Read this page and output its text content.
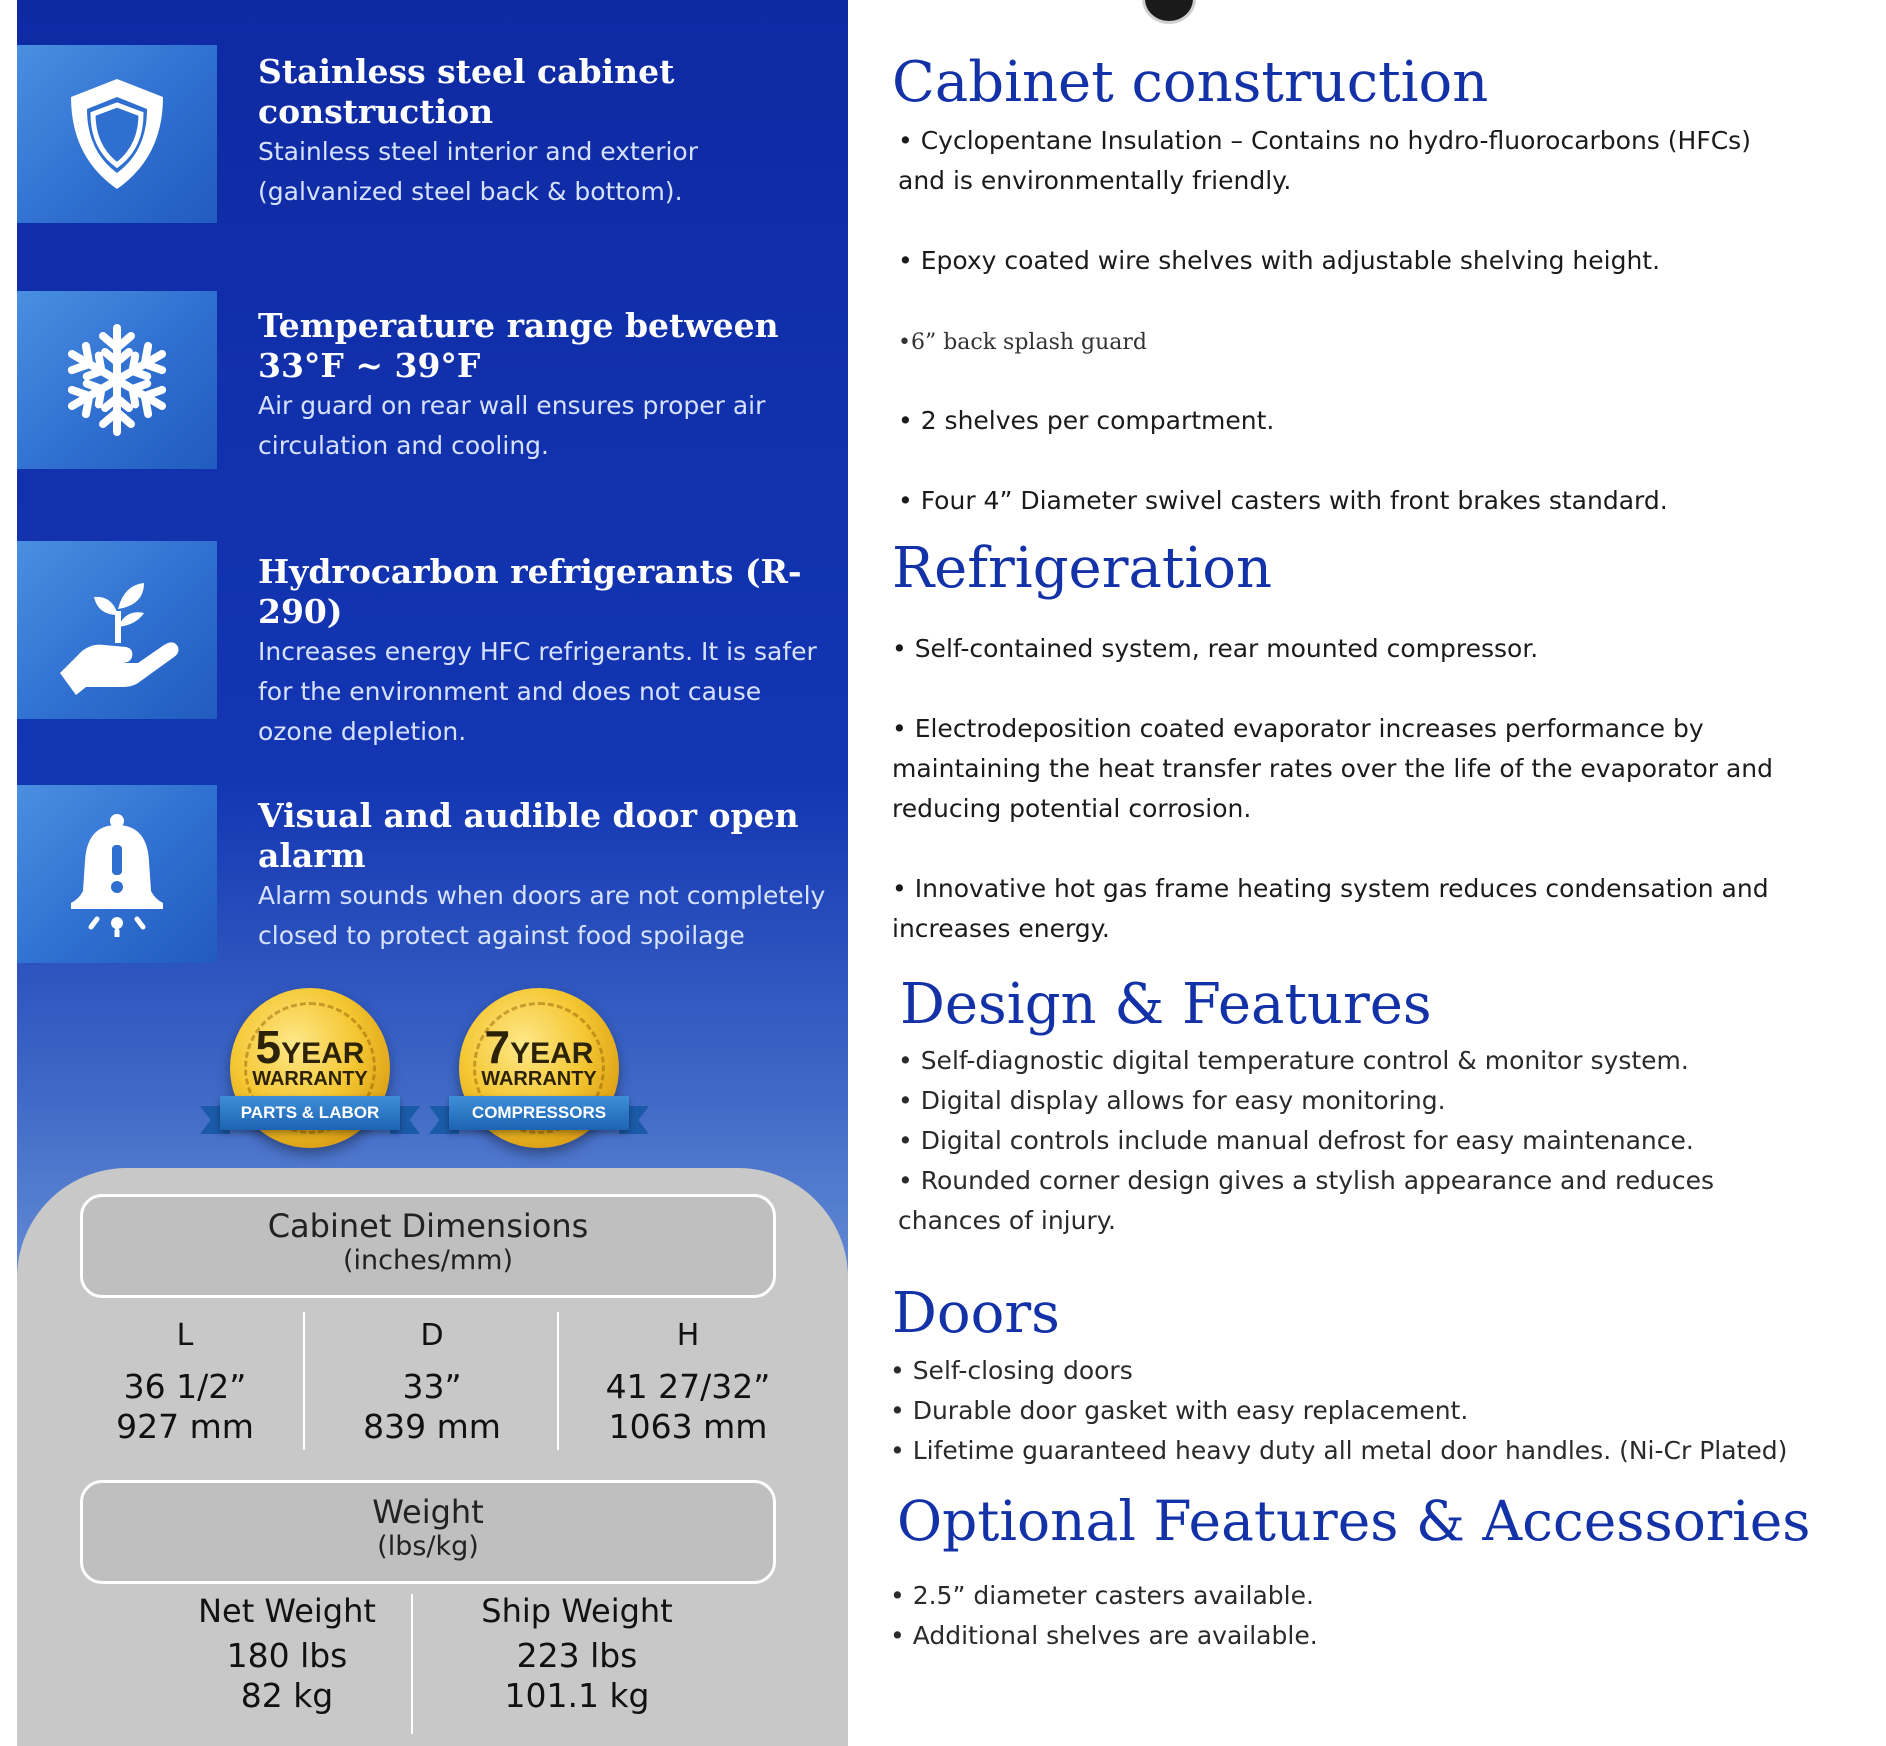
Stainless steel cabinet construction

Stainless steel interior and exterior (galvanized steel back & bottom).

Temperature range between 33°F ~ 39°F

Air guard on rear wall ensures proper air circulation and cooling.

Hydrocarbon refrigerants (R-290)

Increases energy HFC refrigerants. It is safer for the environment and does not cause ozone depletion.

Visual and audible door open alarm

Alarm sounds when doors are not completely closed to protect against food spoilage

5YEAR
WARRANTY
PARTS & LABOR
7YEAR
WARRANTY
COMPRESSORS

Cabinet Dimensions

(inches/mm)

L

36 1/2”

927 mm

D

33”

839 mm

H

41 27/32”

1063 mm

Weight

(lbs/kg)

Net Weight

180 lbs

82 kg

Ship Weight

223 lbs

101.1 kg

Cabinet construction

• Cyclopentane Insulation – Contains no hydro-fluorocarbons (HFCs) and is environmentally friendly.

• Epoxy coated wire shelves with adjustable shelving height.

•6” back splash guard

• 2 shelves per compartment.

• Four 4” Diameter swivel casters with front brakes standard.

Refrigeration

• Self-contained system, rear mounted compressor.

• Electrodeposition coated evaporator increases performance by maintaining the heat transfer rates over the life of the evaporator and reducing potential corrosion.

• Innovative hot gas frame heating system reduces condensation and increases energy.

Design & Features

• Self-diagnostic digital temperature control & monitor system.

• Digital display allows for easy monitoring.

• Digital controls include manual defrost for easy maintenance.

• Rounded corner design gives a stylish appearance and reduces chances of injury.

Doors

• Self-closing doors

• Durable door gasket with easy replacement.

• Lifetime guaranteed heavy duty all metal door handles. (Ni-Cr Plated)

Optional Features & Accessories

• 2.5” diameter casters available.

• Additional shelves are available.
